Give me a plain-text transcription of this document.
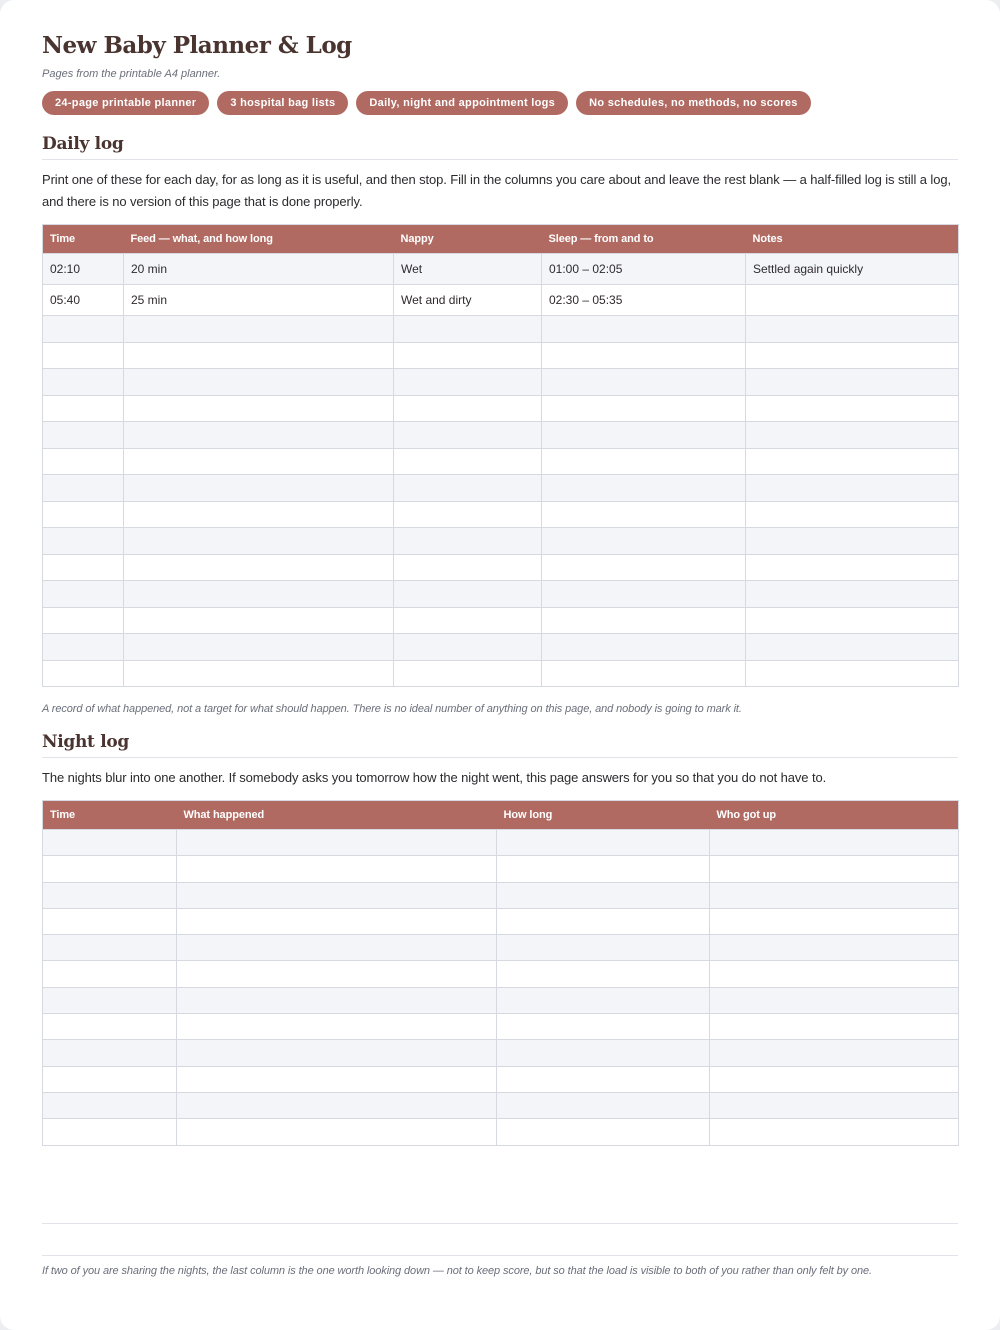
New Baby Planner & Log
Pages from the printable A4 planner.
24-page printable planner	3 hospital bag lists	Daily, night and appointment logs	No schedules, no methods, no scores
Daily log

Print one of these for each day, for as long as it is useful, and then stop. Fill in the columns you care about and leave the rest blank — a half-filled log is still a log, and there is no version of this page that is done properly.

Time	Feed — what, and how long	Nappy	Sleep — from and to	Notes
02:10	20 min	Wet	01:00 – 02:05	Settled again quickly
05:40	25 min	Wet and dirty	02:30 – 05:35	

A record of what happened, not a target for what should happen. There is no ideal number of anything on this page, and nobody is going to mark it.

Night log

The nights blur into one another. If somebody asks you tomorrow how the night went, this page answers for you so that you do not have to.

Time	What happened	How long	Who got up

If two of you are sharing the nights, the last column is the one worth looking down — not to keep score, but so that the load is visible to both of you rather than only felt by one.
